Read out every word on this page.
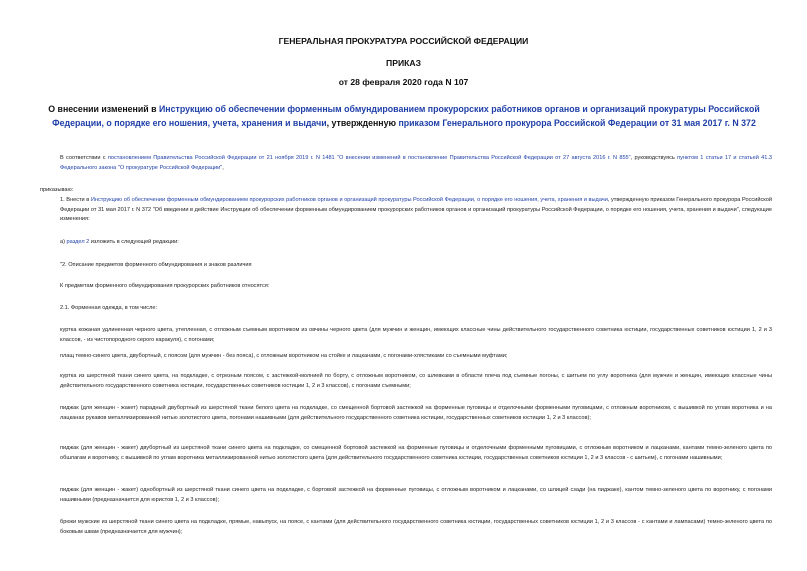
ГЕНЕРАЛЬНАЯ ПРОКУРАТУРА РОССИЙСКОЙ ФЕДЕРАЦИИ
ПРИКАЗ
от 28 февраля 2020 года N 107
О внесении изменений в Инструкцию об обеспечении форменным обмундированием прокурорских работников органов и организаций прокуратуры Российской Федерации, о порядке его ношения, учета, хранения и выдачи, утвержденную приказом Генерального прокурора Российской Федерации от 31 мая 2017 г. N 372
В соответствии с постановлением Правительства Российской Федерации от 21 ноября 2019 г. N 1481 "О внесении изменений в постановление Правительства Российской Федерации от 27 августа 2016 г. N 855", руководствуясь пунктом 1 статьи 17 и статьей 41.3 Федерального закона "О прокуратуре Российской Федерации",
приказываю:
1. Внести в Инструкцию об обеспечении форменным обмундированием прокурорских работников органов и организаций прокуратуры Российской Федерации, о порядке его ношения, учета, хранения и выдачи, утвержденную приказом Генерального прокурора Российской Федерации от 31 мая 2017 г. N 372 "Об введении в действие Инструкции об обеспечении форменным обмундированием прокурорских работников органов и организаций прокуратуры Российской Федерации, о порядке его ношения, учета, хранения и выдачи", следующие изменения:
а) раздел 2 изложить в следующей редакции:
"2. Описание предметов форменного обмундирования и знаков различия
К предметам форменного обмундирования прокурорских работников относятся:
2.1. Форменная одежда, в том числе:
куртка кожаная удлиненная черного цвета, утепленная, с отложным съемным воротником из овчины черного цвета (для мужчин и женщин, имеющих классные чины действительного государственного советника юстиции, государственных советников юстиции 1, 2 и 3 классов, - из чистопородного серого каракуля), с погонами;
плащ темно-синего цвета, двубортный, с поясом (для мужчин - без пояса), с отложным воротником на стойке и лацканами, с погонами-хлястиками со съемными муфтами;
куртка из шерстяной ткани синего цвета, на подкладке, с отрезным поясом, с застежкой-молнией по борту, с отложным воротником, со шлевками в области плеча под съемные погоны, с шитьем по углу воротника (для мужчин и женщин, имеющих классные чины действительного государственного советника юстиции, государственных советников юстиции 1, 2 и 3 классов), с погонами съемными;
пиджак (для женщин - жакет) парадный двубортный из шерстяной ткани белого цвета на подкладке, со смещенной бортовой застежкой на форменные пуговицы и отделочными форменными пуговицами, с отложным воротником, с вышивкой по углам воротника и на лацканах рукавов металлизированной нитью золотистого цвета, погонами нашивными (для действительного государственного советника юстиции, государственных советников юстиции 1, 2 и 3 классов);
пиджак (для женщин - жакет) двубортный из шерстяной ткани синего цвета на подкладке, со смещенной бортовой застежкой на форменные пуговицы и отделочными форменными пуговицами, с отложным воротником и лацканами, кантами темно-зеленого цвета по обшлагам и воротнику, с вышивкой по углам воротника металлизированной нитью золотистого цвета (для действительного государственного советника юстиции, государственных советников юстиции 1, 2 и 3 классов - с шитьем), с погонами нашивными;
пиджак (для женщин - жакет) однобортный из шерстяной ткани синего цвета на подкладке, с бортовой застежкой на форменные пуговицы, с отложным воротником и лацканами, со шлицей сзади (на пиджаке), кантом темно-зеленого цвета по воротнику, с погонами нашивными (предназначается для юристов 1, 2 и 3 классов);
брюки мужские из шерстяной ткани синего цвета на подкладке, прямые, навыпуск, на поясе, с кантами (для действительного государственного советника юстиции, государственных советников юстиции 1, 2 и 3 классов - с кантами и лампасами) темно-зеленого цвета по боковым швам (предназначается для мужчин);
